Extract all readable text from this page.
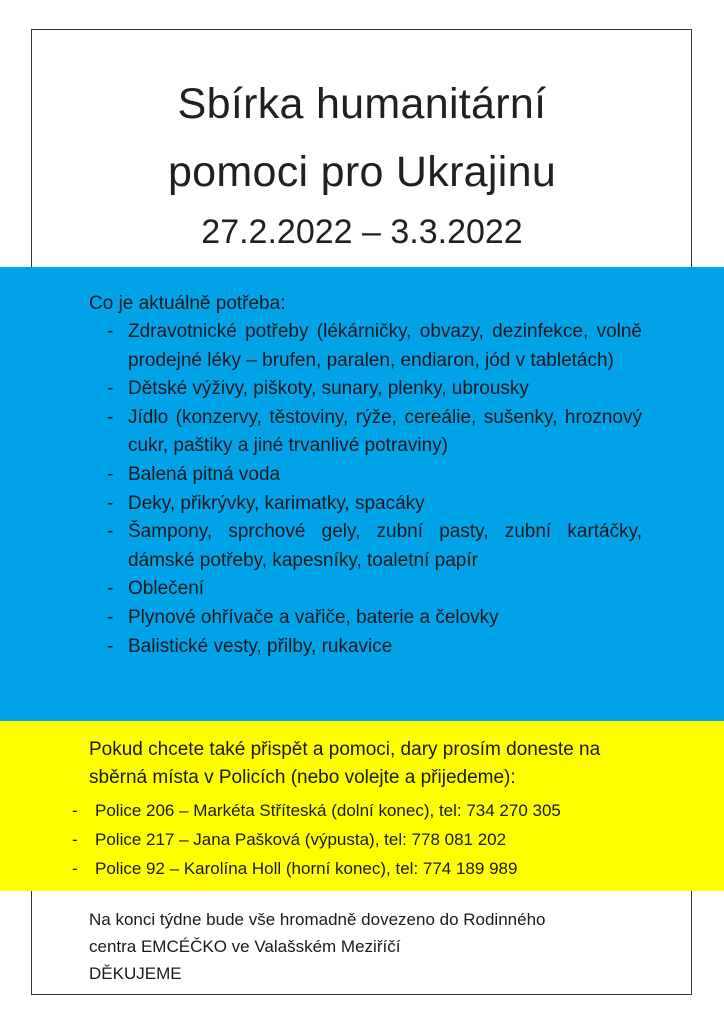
Sbírka humanitární
pomoci pro Ukrajinu
27.2.2022 – 3.3.2022
Co je aktuálně potřeba:
- Zdravotnické potřeby (lékárničky, obvazy, dezinfekce, volně prodejné léky – brufen, paralen, endiaron, jód v tabletách)
- Dětské výživy, piškoty, sunary, plenky, ubrousky
- Jídlo (konzervy, těstoviny, rýže, cereálie, sušenky, hroznový cukr, paštiky a jiné trvanlivé potraviny)
- Balená pitná voda
- Deky, přikrývky, karimatky, spacáky
- Šampony, sprchové gely, zubní pasty, zubní kartáčky, dámské potřeby, kapesníky, toaletní papír
- Oblečení
- Plynové ohřívače a vařiče, baterie a čelovky
- Balistické vesty, přilby, rukavice
Pokud chcete také přispět a pomoci, dary prosím doneste na sběrná místa v Policích (nebo volejte a přijedeme):
- Police 206 – Markéta Stříteská (dolní konec), tel: 734 270 305
- Police 217 – Jana Pašková (výpusta), tel: 778 081 202
- Police 92 – Karolína Holl (horní konec), tel: 774 189 989
Na konci týdne bude vše hromadně dovezeno do Rodinného
centra EMCÉČKO ve Valašském Meziříčí
DĚKUJEME
